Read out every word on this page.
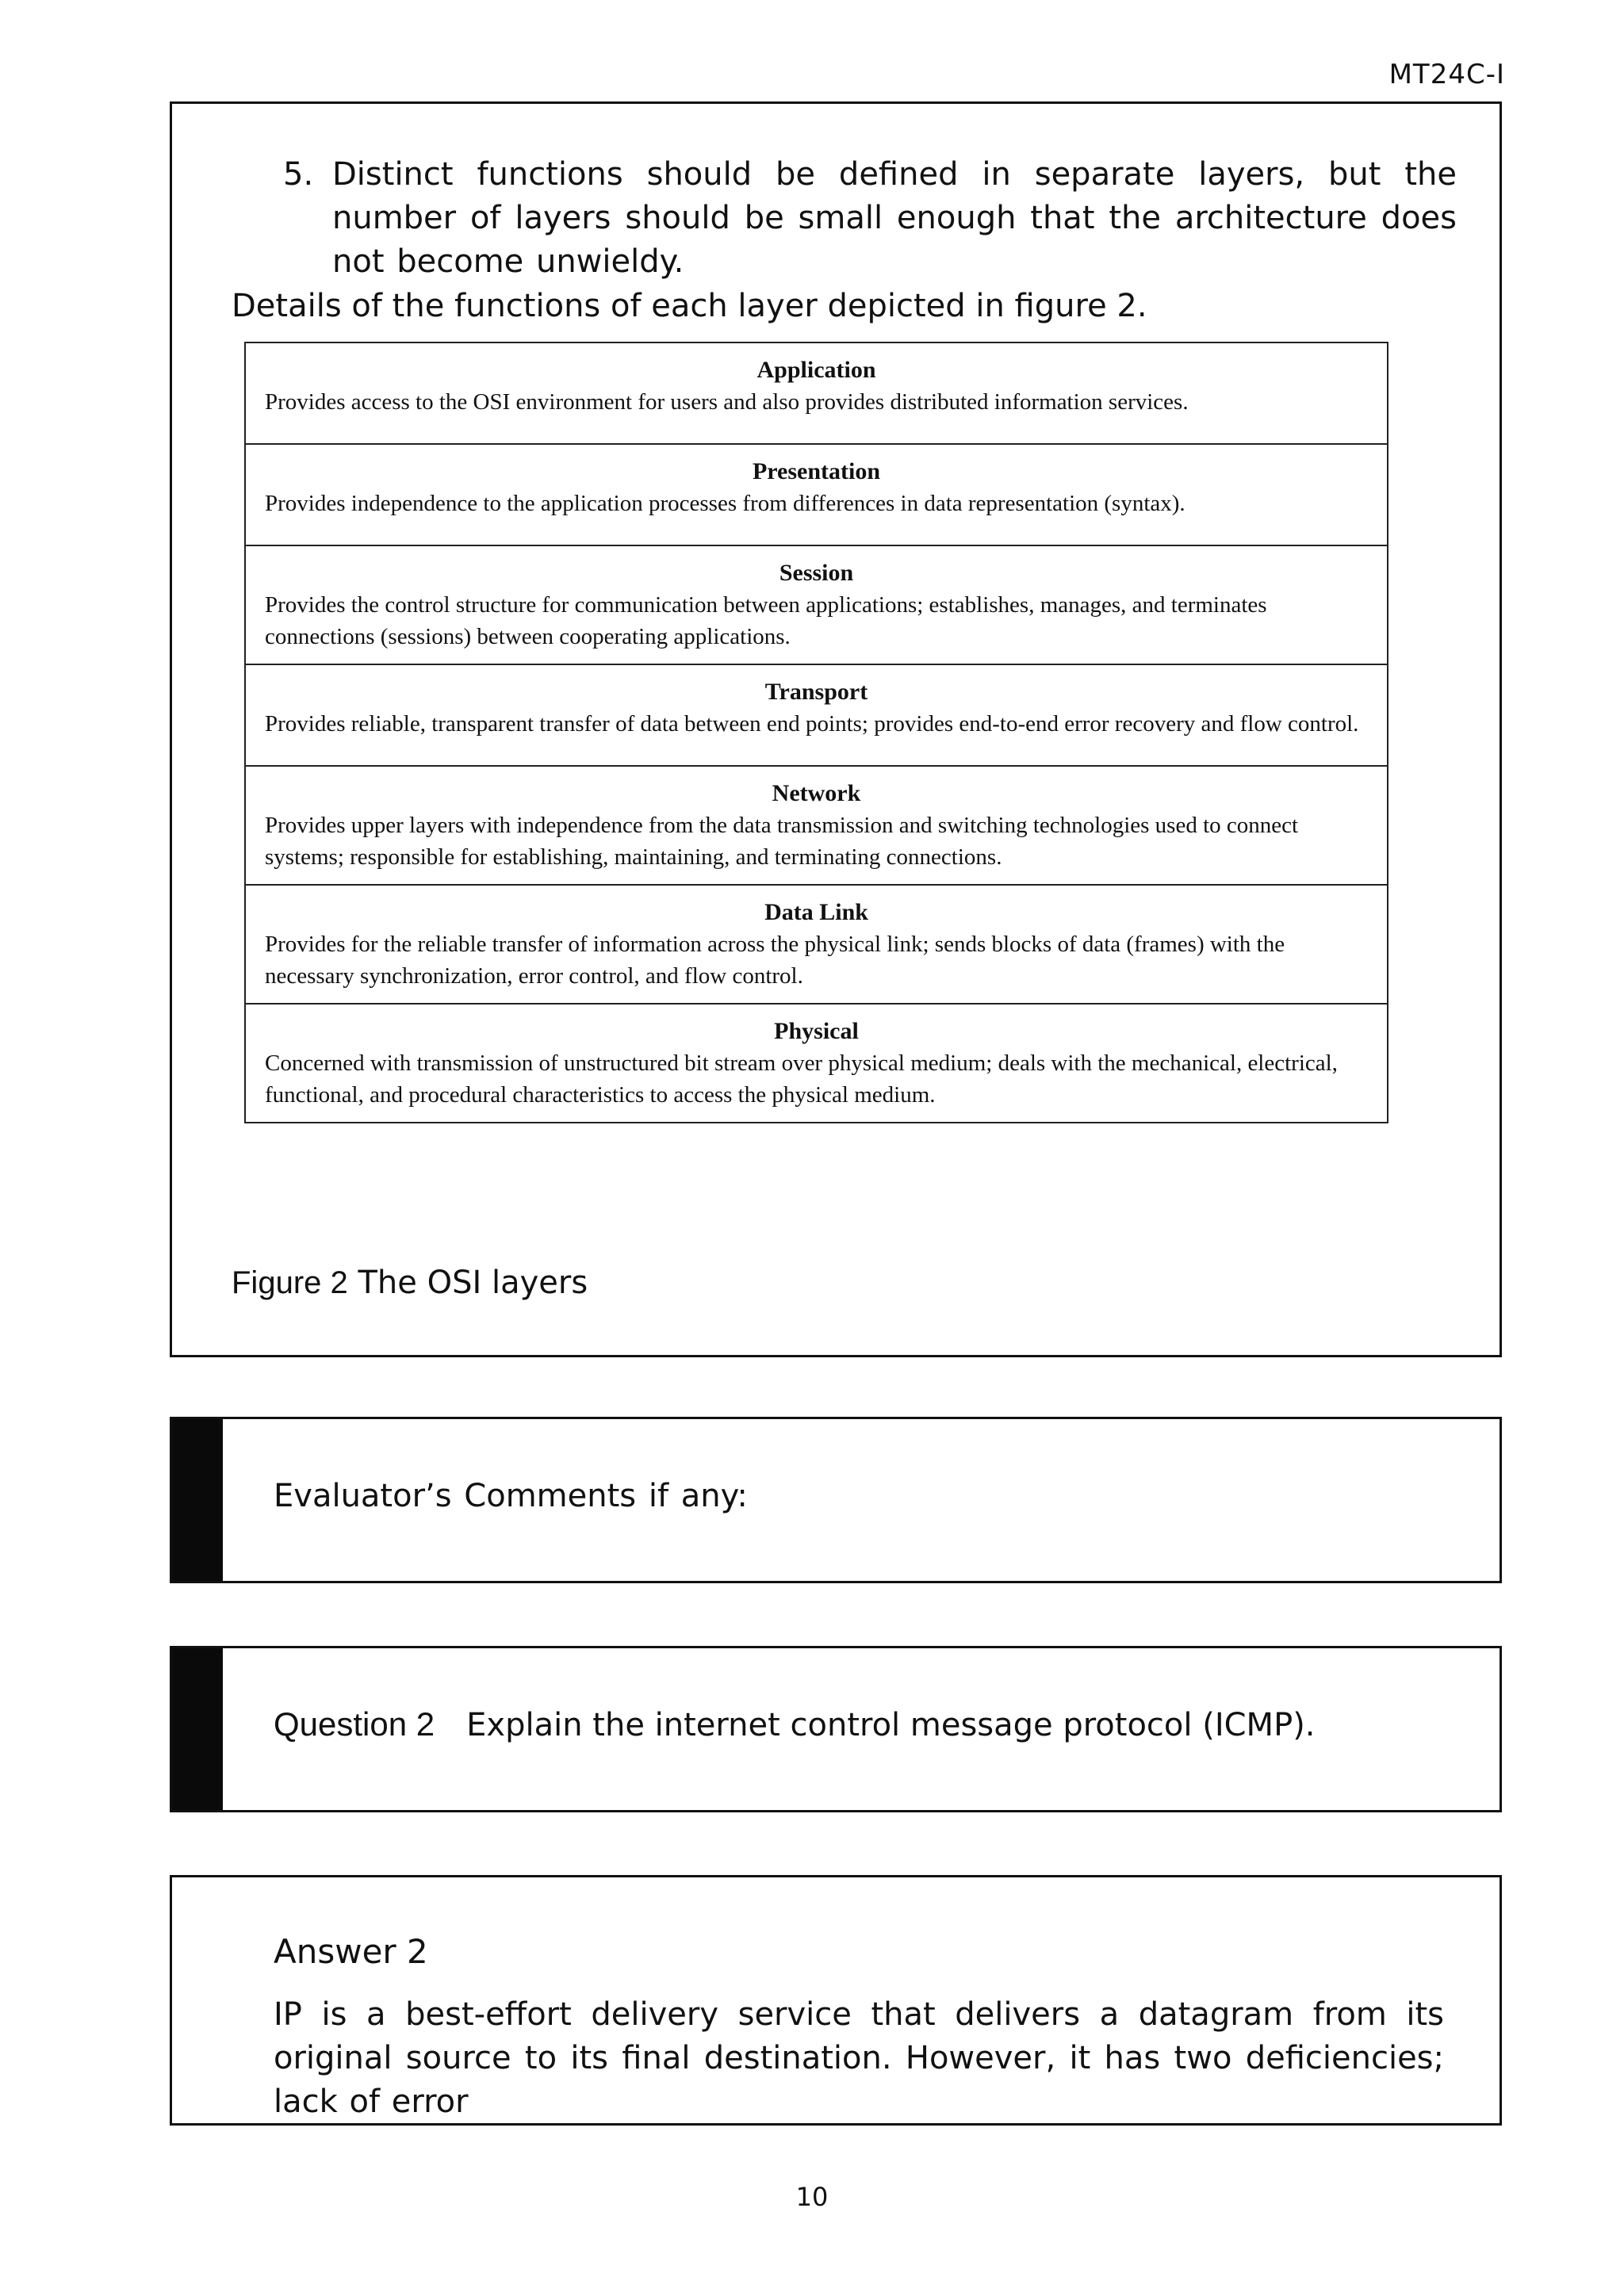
MT24C-I
5. Distinct functions should be defined in separate layers, but the number of layers should be small enough that the architecture does not become unwieldy.
Details of the functions of each layer depicted in figure 2.
Application
Provides access to the OSI environment for users and also provides distributed information services.

Presentation
Provides independence to the application processes from differences in data representation (syntax).

Session
Provides the control structure for communication between applications; establishes, manages, and terminates connections (sessions) between cooperating applications.

Transport
Provides reliable, transparent transfer of data between end points; provides end-to-end error recovery and flow control.

Network
Provides upper layers with independence from the data transmission and switching technologies used to connect systems; responsible for establishing, maintaining, and terminating connections.

Data Link
Provides for the reliable transfer of information across the physical link; sends blocks of data (frames) with the necessary synchronization, error control, and flow control.

Physical
Concerned with transmission of unstructured bit stream over physical medium; deals with the mechanical, electrical, functional, and procedural characteristics to access the physical medium.
Figure 2 The OSI layers
Evaluator’s Comments if any:
Question 2 Explain the internet control message protocol (ICMP).
Answer 2
IP is a best-effort delivery service that delivers a datagram from its original source to its final destination. However, it has two deficiencies; lack of error
10
